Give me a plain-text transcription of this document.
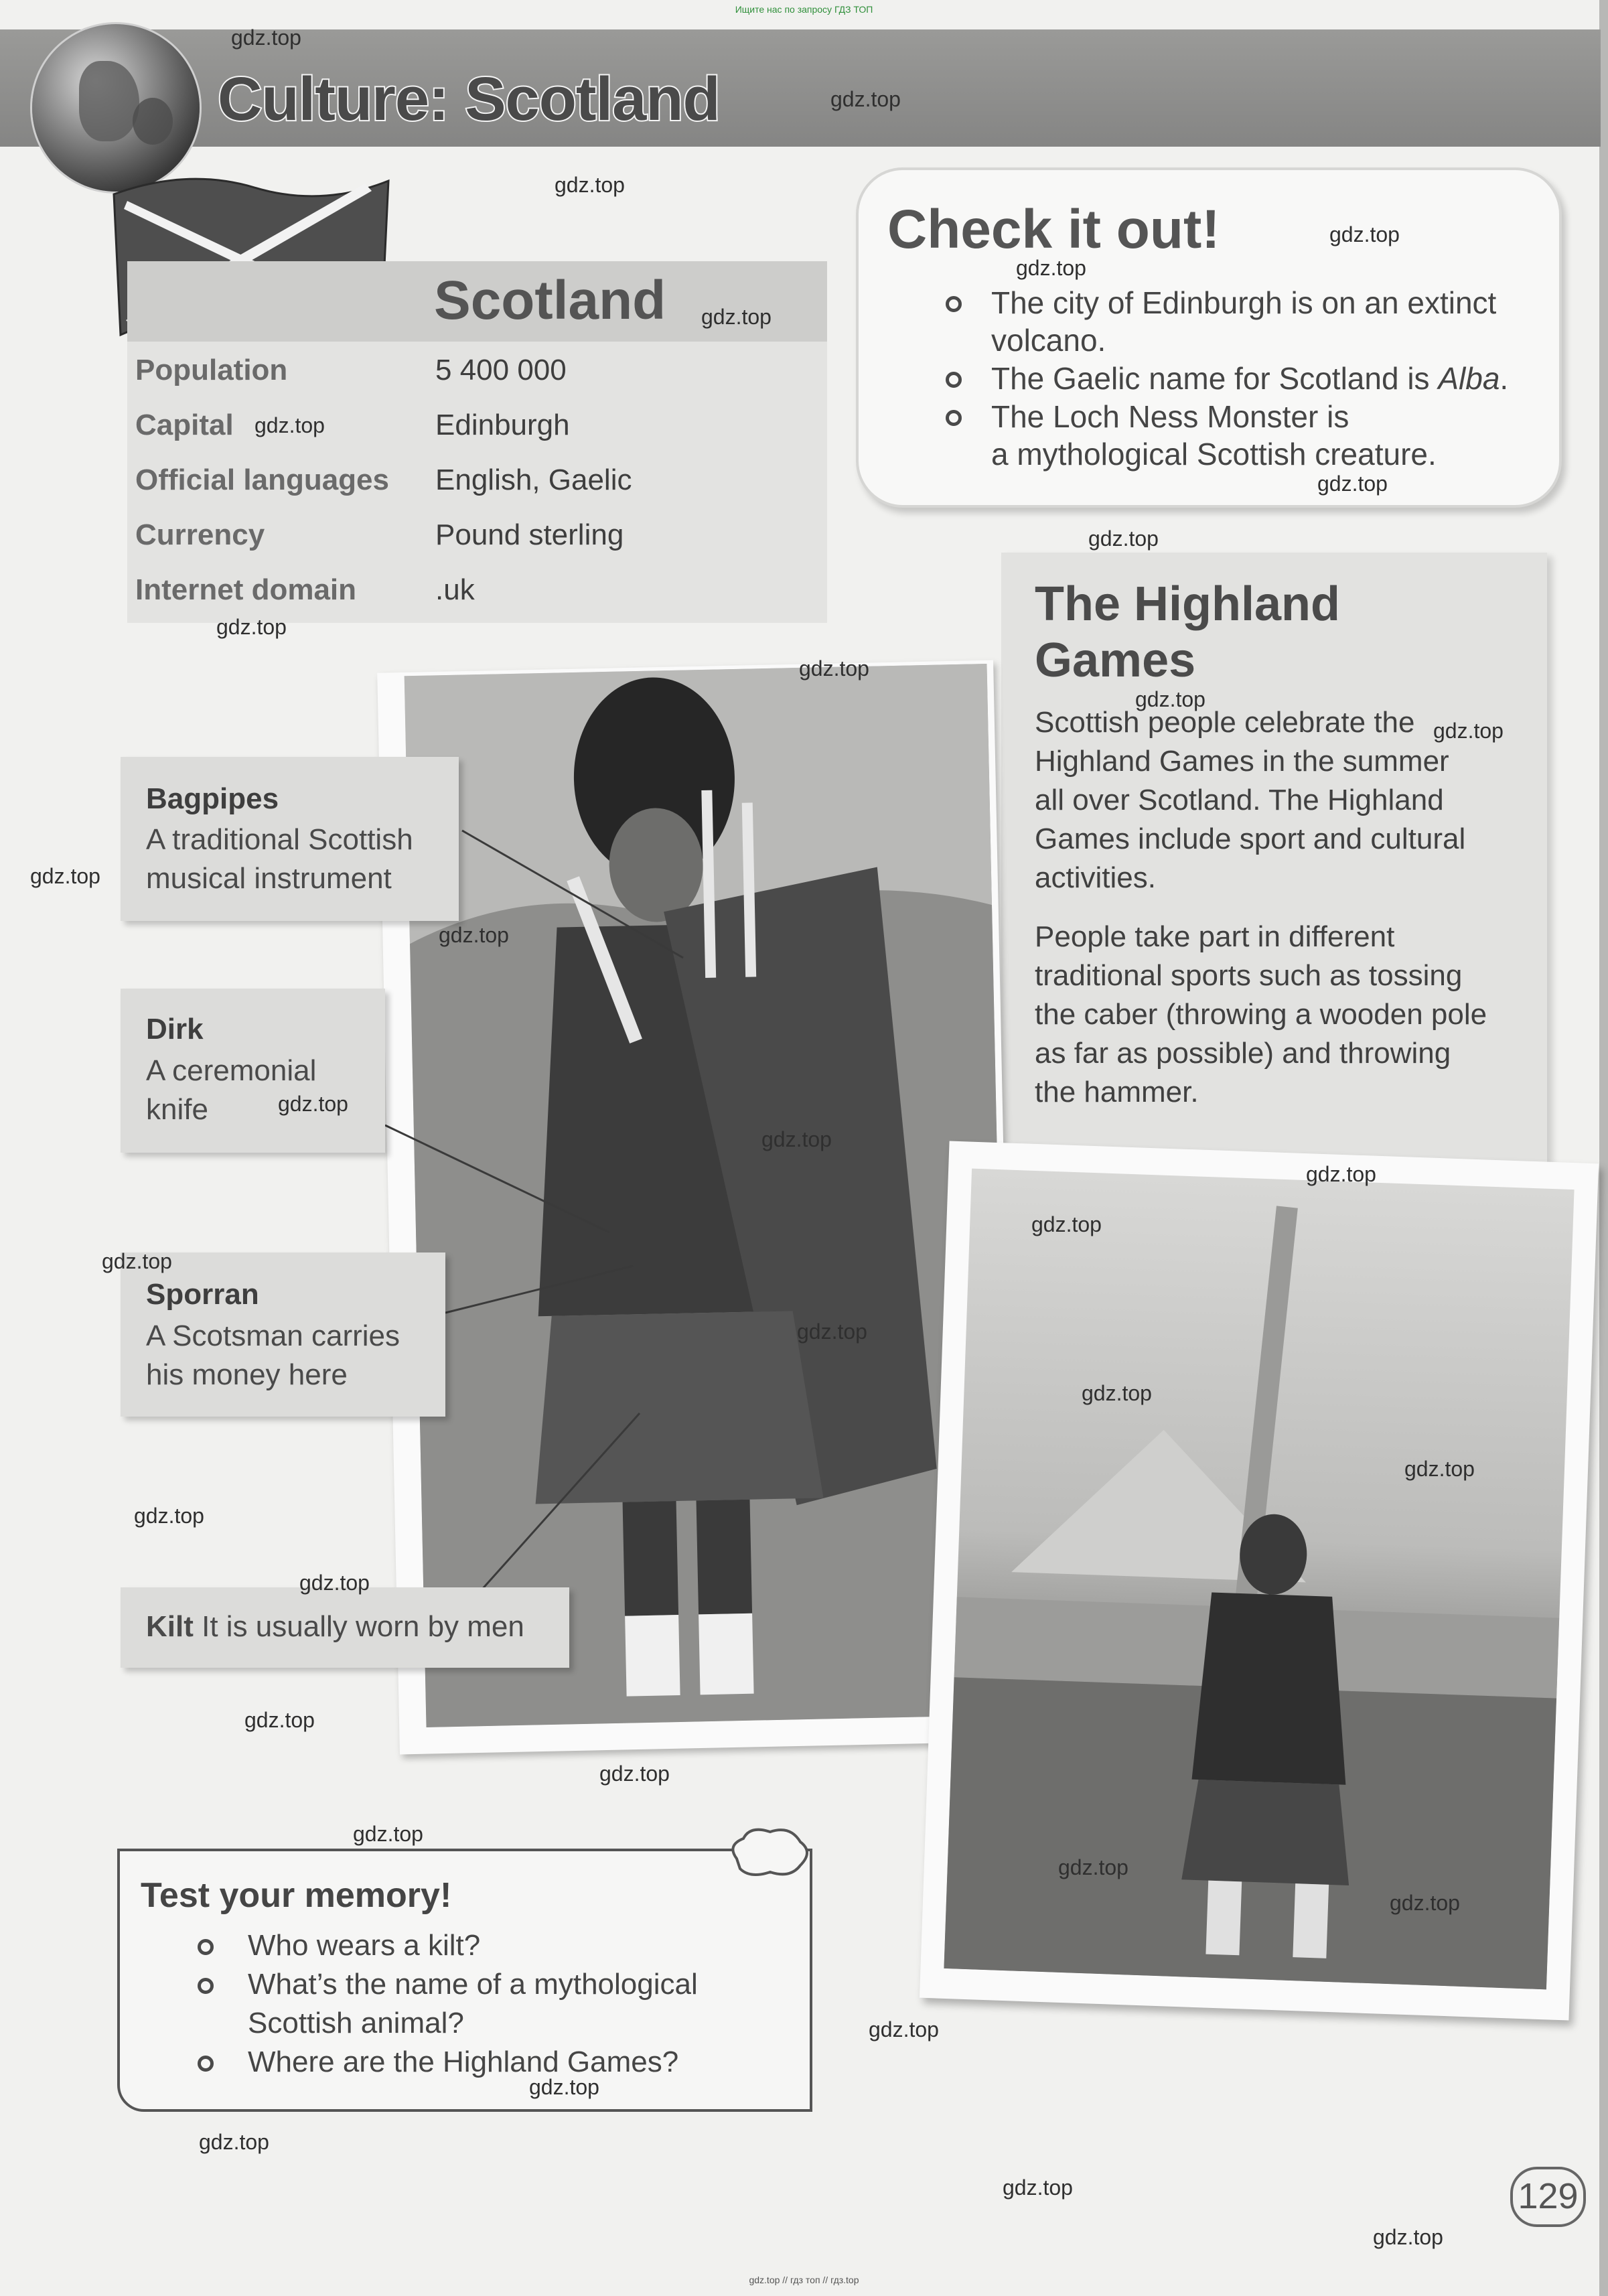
Ищите нас по запросу ГДЗ ТОП
Culture: Scotland
Scotland
Population	5 400 000
Capital	Edinburgh
Official languages English, Gaelic
Currency	Pound sterling
Internet domain	.uk
Check it out!
The city of Edinburgh is on an extinct
volcano.
The Gaelic name for Scotland is Alba.
The Loch Ness Monster is
a mythological Scottish creature.
The Highland
Games
Scottish people celebrate the
Highland Games in the summer
all over Scotland. The Highland
Games include sport and cultural
activities.
People take part in different
traditional sports such as tossing
the caber (throwing a wooden pole
as far as possible) and throwing
the hammer.
Bagpipes
A traditional Scottish
musical instrument
Dirk
A ceremonial
knife
Sporran
A Scotsman carries
his money here
Kilt It is usually worn by men
Test your memory!
Who wears a kilt?
What’s the name of a mythological
Scottish animal?
Where are the Highland Games?
129
gdz.top
gdz.top
gdz.top
gdz.top
gdz.top
gdz.top
gdz.top
gdz.top
gdz.top
gdz.top
gdz.top
gdz.top
gdz.top
gdz.top
gdz.top
gdz.top
gdz.top
gdz.top
gdz.top
gdz.top
gdz.top
gdz.top
gdz.top
gdz.top
gdz.top
gdz.top
gdz.top
gdz.top
gdz.top
gdz.top
gdz.top
gdz.top
gdz.top
gdz.top
gdz.top
gdz.top // гдз топ // гдз.top
